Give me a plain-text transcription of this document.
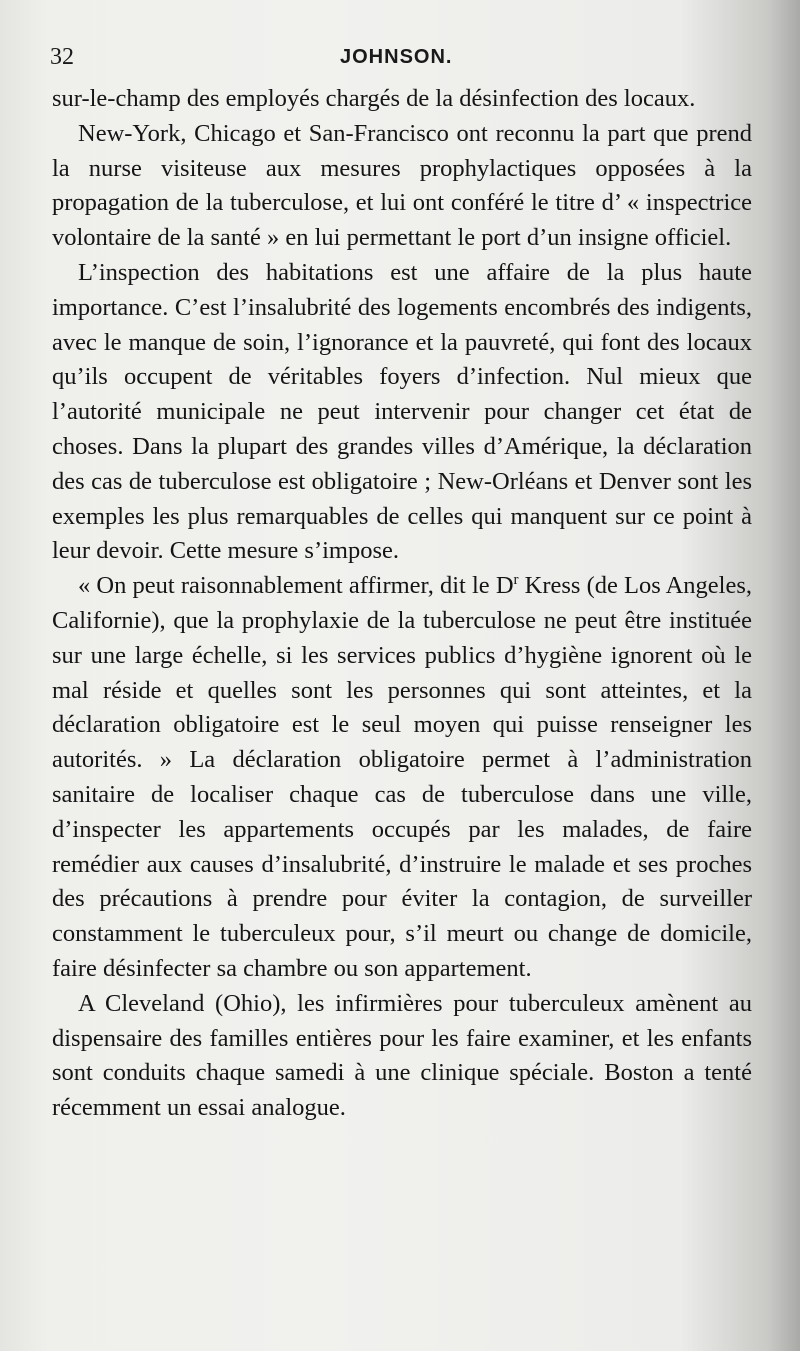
32	JOHNSON.

sur-le-champ des employés chargés de la désinfection des locaux.

New-York, Chicago et San-Francisco ont reconnu la part que prend la nurse visiteuse aux mesures prophylactiques opposées à la propagation de la tuberculose, et lui ont conféré le titre d’ « inspectrice volontaire de la santé » en lui permettant le port d’un insigne officiel.

L’inspection des habitations est une affaire de la plus haute importance. C’est l’insalubrité des logements encombrés des indigents, avec le manque de soin, l’ignorance et la pauvreté, qui font des locaux qu’ils occupent de véritables foyers d’infection. Nul mieux que l’autorité municipale ne peut intervenir pour changer cet état de choses. Dans la plupart des grandes villes d’Amérique, la déclaration des cas de tuberculose est obligatoire ; New-Orléans et Denver sont les exemples les plus remarquables de celles qui manquent sur ce point à leur devoir. Cette mesure s’impose.

« On peut raisonnablement affirmer, dit le $D^r$ Kress (de Los Angeles, Californie), que la prophylaxie de la tuberculose ne peut être instituée sur une large échelle, si les services publics d’hygiène ignorent où le mal réside et quelles sont les personnes qui sont atteintes, et la déclaration obligatoire est le seul moyen qui puisse renseigner les autorités. » La déclaration obligatoire permet à l’administration sanitaire de localiser chaque cas de tuberculose dans une ville, d’inspecter les appartements occupés par les malades, de faire remédier aux causes d’insalubrité, d’instruire le malade et ses proches des précautions à prendre pour éviter la contagion, de surveiller constamment le tuberculeux pour, s’il meurt ou change de domicile, faire désinfecter sa chambre ou son appartement.

A Cleveland (Ohio), les infirmières pour tuberculeux amènent au dispensaire des familles entières pour les faire examiner, et les enfants sont conduits chaque samedi à une clinique spéciale. Boston a tenté récemment un essai analogue.
